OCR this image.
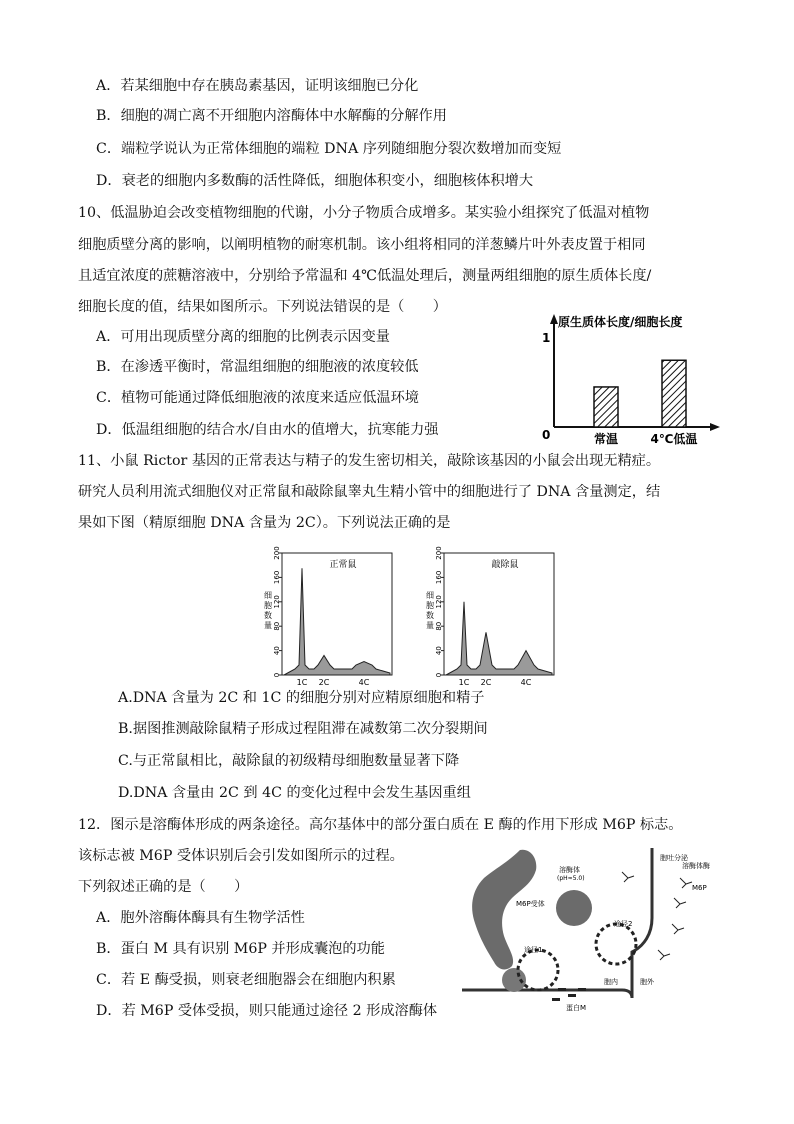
A．若某细胞中存在胰岛素基因，证明该细胞已分化
B．细胞的凋亡离不开细胞内溶酶体中水解酶的分解作用
C．端粒学说认为正常体细胞的端粒 DNA 序列随细胞分裂次数增加而变短
D．衰老的细胞内多数酶的活性降低，细胞体积变小，细胞核体积增大
10、低温胁迫会改变植物细胞的代谢，小分子物质合成增多。某实验小组探究了低温对植物
细胞质壁分离的影响，以阐明植物的耐寒机制。该小组将相同的洋葱鳞片叶外表皮置于相同
且适宜浓度的蔗糖溶液中，分别给予常温和 4℃低温处理后，测量两组细胞的原生质体长度/
细胞长度的值，结果如图所示。下列说法错误的是（　　）
A．可用出现质壁分离的细胞的比例表示因变量
B．在渗透平衡时，常温组细胞的细胞液的浓度较低
C．植物可能通过降低细胞液的浓度来适应低温环境
D．低温组细胞的结合水/自由水的值增大，抗寒能力强
原生质体长度/细胞长度
1
0	常温	4℃低温
11、小鼠 Rictor 基因的正常表达与精子的发生密切相关，敲除该基因的小鼠会出现无精症。
研究人员利用流式细胞仪对正常鼠和敲除鼠睾丸生精小管中的细胞进行了 DNA 含量测定，结
果如下图（精原细胞 DNA 含量为 2C）。下列说法正确的是
0
40
80
120
160
200
细
胞
数
量
正常鼠
1C 2C	4C
0
40
80
120
160
200
细
胞
数
量
敲除鼠
1C 2C	4C
A.DNA 含量为 2C 和 1C 的细胞分别对应精原细胞和精子
B.据图推测敲除鼠精子形成过程阻滞在减数第二次分裂期间
C.与正常鼠相比，敲除鼠的初级精母细胞数量显著下降
D.DNA 含量由 2C 到 4C 的变化过程中会发生基因重组
12．图示是溶酶体形成的两条途径。高尔基体中的部分蛋白质在 E 酶的作用下形成 M6P 标志。
该标志被 M6P 受体识别后会引发如图所示的过程。
下列叙述正确的是（　　）
A．胞外溶酶体酶具有生物学活性
B．蛋白 M 具有识别 M6P 并形成囊泡的功能
C．若 E 酶受损，则衰老细胞器会在细胞内积累
D．若 M6P 受体受损，则只能通过途径 2 形成溶酶体
溶酶体
(pH≈5.0)
途径1
途径2
M6P受体
胞吐分泌
溶酶体酶
M6P
胞内	胞外
蛋白M
